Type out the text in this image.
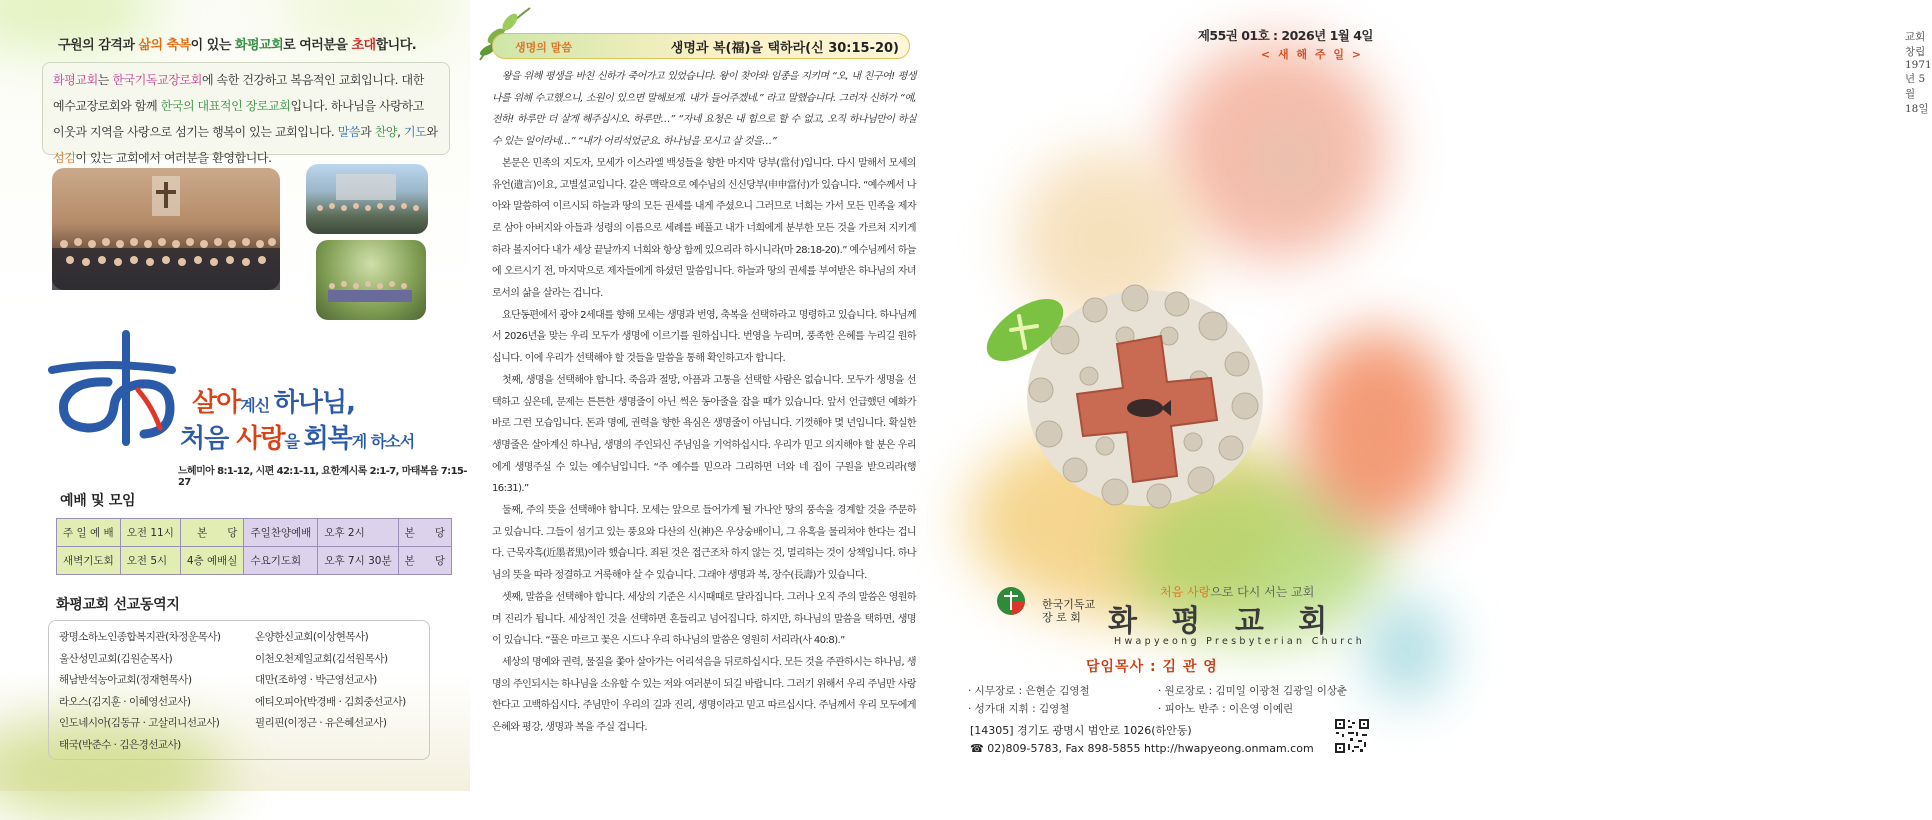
구원의 감격과 삶의 축복이 있는 화평교회로 여러분을 초대합니다.
화평교회는 한국기독교장로회에 속한 건강하고 복음적인 교회입니다. 대한
예수교장로회와 함께 한국의 대표적인 장로교회입니다. 하나님을 사랑하고
이웃과 지역을 사랑으로 섬기는 행복이 있는 교회입니다. 말씀과 찬양, 기도와
섬김이 있는 교회에서 여러분을 환영합니다.
살아계신 하나님,
처음 사랑을 회복게 하소서
느헤미아 8:1-12, 시편 42:1-11, 요한계시록 2:1-7, 마태복음 7:15-27
예배 및 모임
주 일 예 배	오전 11시	본 당	주일찬양예배	오후 2시	본 당
새벽기도회	오전 5시	4층 예배실	수요기도회	오후 7시 30분	본 당
화평교회 선교동역지
광명소하노인종합복지관(차정운목사)
울산성민교회(김원순목사)
해남반석농아교회(정재현목사)
라오스(김지훈 · 이혜영선교사)
인도네시아(김동규 · 고살리니선교사)
태국(박준수 · 김은경선교사)
온양한신교회(이상현목사)
이천오천제일교회(김석원목사)
대만(조하영 · 박근영선교사)
에티오피아(박경배 · 김희중선교사)
필리핀(이정근 · 유은혜선교사)
생명의 말씀	생명과 복(福)을 택하라(신 30:15-20)

왕을 위해 평생을 바친 신하가 죽어가고 있었습니다. 왕이 찾아와 임종을 지키며 “오, 내 친구여! 평생 나를 위해 수고했으니, 소원이 있으면 말해보게. 내가 들어주겠네.” 라고 말했습니다. 그러자 신하가 “예, 전하! 하루만 더 살게 해주십시오. 하루만…” “자네 요청은 내 힘으로 할 수 없고, 오직 하나님만이 하실 수 있는 일이라네…” “내가 어리석었군요. 하나님을 모시고 살 것을…”

본문은 민족의 지도자, 모세가 이스라엘 백성들을 향한 마지막 당부(當付)입니다. 다시 말해서 모세의 유언(遺言)이요, 고별설교입니다. 같은 맥락으로 예수님의 신신당부(申申當付)가 있습니다. “예수께서 나아와 말씀하여 이르시되 하늘과 땅의 모든 권세를 내게 주셨으니 그러므로 너희는 가서 모든 민족을 제자로 삼아 아버지와 아들과 성령의 이름으로 세례를 베풀고 내가 너희에게 분부한 모든 것을 가르쳐 지키게 하라 볼지어다 내가 세상 끝날까지 너희와 항상 함께 있으리라 하시니라(마 28:18-20).” 예수님께서 하늘에 오르시기 전, 마지막으로 제자들에게 하셨던 말씀입니다. 하늘과 땅의 권세를 부여받은 하나님의 자녀로서의 삶을 살라는 겁니다.

요단동편에서 광야 2세대를 향해 모세는 생명과 번영, 축복을 선택하라고 명령하고 있습니다. 하나님께서 2026년을 맞는 우리 모두가 생명에 이르기를 원하십니다. 번영을 누리며, 풍족한 은혜를 누리길 원하십니다. 이에 우리가 선택해야 할 것들을 말씀을 통해 확인하고자 합니다.

첫째, 생명을 선택해야 합니다. 죽음과 절망, 아픔과 고통을 선택할 사람은 없습니다. 모두가 생명을 선택하고 싶은데, 문제는 튼튼한 생명줄이 아닌 썩은 동아줄을 잡을 때가 있습니다. 앞서 언급했던 예화가 바로 그런 모습입니다. 돈과 명예, 권력을 향한 욕심은 생명줄이 아닙니다. 기껏해야 몇 년입니다. 확실한 생명줄은 살아계신 하나님, 생명의 주인되신 주님임을 기억하십시다. 우리가 믿고 의지해야 할 분은 우리에게 생명주실 수 있는 예수님입니다. “주 예수를 믿으라 그리하면 너와 네 집이 구원을 받으리라(행 16:31).”

둘째, 주의 뜻을 선택해야 합니다. 모세는 앞으로 들어가게 될 가나안 땅의 풍속을 경계할 것을 주문하고 있습니다. 그들이 섬기고 있는 풍요와 다산의 신(神)은 우상숭배이니, 그 유혹을 물리쳐야 한다는 겁니다. 근묵자흑(近墨者黑)이라 했습니다. 죄된 것은 접근조차 하지 않는 것, 멀리하는 것이 상책입니다. 하나님의 뜻을 따라 정결하고 거룩해야 살 수 있습니다. 그래야 생명과 복, 장수(長壽)가 있습니다.

셋째, 말씀을 선택해야 합니다. 세상의 기준은 시시때때로 달라집니다. 그러나 오직 주의 말씀은 영원하며 진리가 됩니다. 세상적인 것을 선택하면 흔들리고 넘어집니다. 하지만, 하나님의 말씀을 택하면, 생명이 있습니다. “풀은 마르고 꽃은 시드나 우리 하나님의 말씀은 영원히 서리라(사 40:8).”

세상의 명예와 권력, 물질을 쫓아 살아가는 어리석음을 뒤로하십시다. 모든 것을 주관하시는 하나님, 생명의 주인되시는 하나님을 소유할 수 있는 저와 여러분이 되길 바랍니다. 그러기 위해서 우리 주님만 사랑한다고 고백하십시다. 주님만이 우리의 길과 진리, 생명이라고 믿고 따르십시다. 주님께서 우리 모두에게 은혜와 평강, 생명과 복을 주실 겁니다.

교회창립 1971년 5월 18일
제55권 01호 : 2026년 1월 4일
< 새 해 주 일 >
처음 사랑으로 다시 서는 교회
한국기독교
장 로 회 화 평 교 회
Hwapyeong Presbyterian Church
담임목사 : 김 관 영
· 시무장로 : 은현순 김영철
· 성가대 지휘 : 김영철
· 원로장로 : 김미일 이광천 김광일 이상춘
· 피아노 반주 : 이은영 이예린
[14305] 경기도 광명시 범안로 1026(하안동)
☎ 02)809-5783, Fax 898-5855 http://hwapyeong.onmam.com
